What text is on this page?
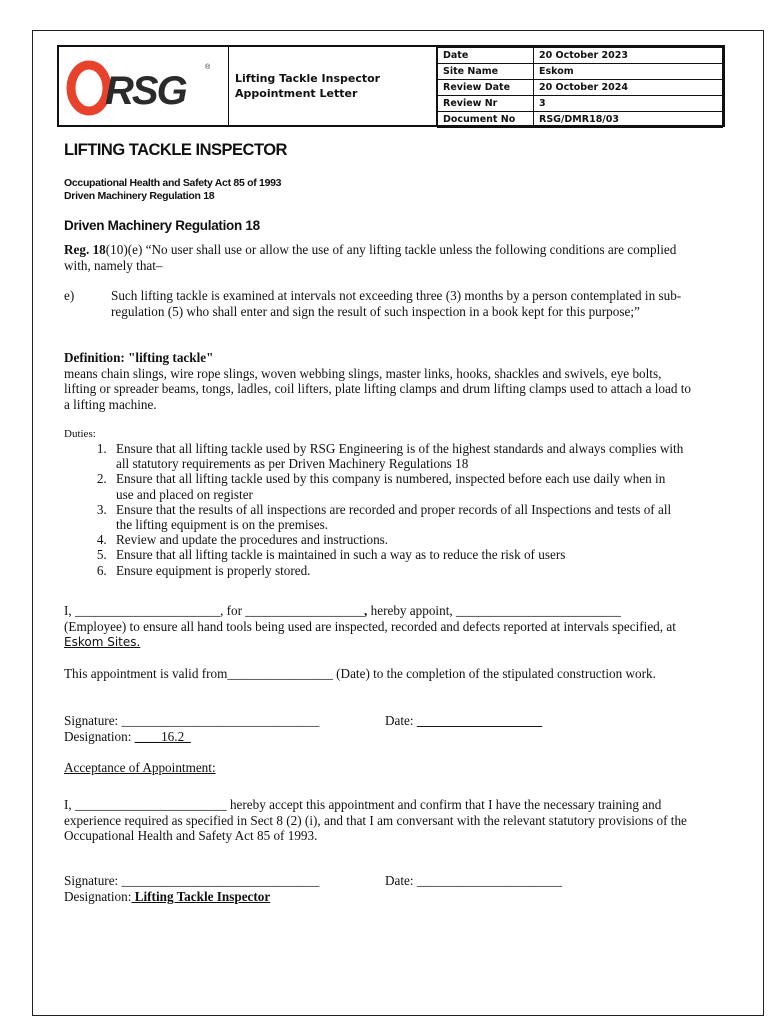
RSG
®
Lifting Tackle Inspector
Appointment Letter
Date	20 October 2023
Site Name	Eskom
Review Date	20 October 2024
Review Nr	3
Document No	RSG/DMR18/03
LIFTING TACKLE INSPECTOR
Occupational Health and Safety Act 85 of 1993
Driven Machinery Regulation 18
Driven Machinery Regulation 18
Reg. 18(10)(e) “No user shall use or allow the use of any lifting tackle unless the following conditions are complied with, namely that–
e)	Such lifting tackle is examined at intervals not exceeding three (3) months by a person contemplated in sub-regulation (5) who shall enter and sign the result of such inspection in a book kept for this purpose;”
Definition: "lifting tackle"
means chain slings, wire rope slings, woven webbing slings, master links, hooks, shackles and swivels, eye bolts, lifting or spreader beams, tongs, ladles, coil lifters, plate lifting clamps and drum lifting clamps used to attach a load to a lifting machine.
Duties:
1. Ensure that all lifting tackle used by RSG Engineering is of the highest standards and always complies with all statutory requirements as per Driven Machinery Regulations 18
2. Ensure that all lifting tackle used by this company is numbered, inspected before each use daily when in use and placed on register
3. Ensure that the results of all inspections are recorded and proper records of all Inspections and tests of all the lifting equipment is on the premises.
4. Review and update the procedures and instructions.
5. Ensure that all lifting tackle is maintained in such a way as to reduce the risk of users
6. Ensure equipment is properly stored.
I, ______________________, for __________________, hereby appoint, _________________________
(Employee) to ensure all hand tools being used are inspected, recorded and defects reported at intervals specified, at Eskom Sites.
This appointment is valid from________________ (Date) to the completion of the stipulated construction work.
Signature: ______________________________	Date: ___________________
Designation: ____16.2_
Acceptance of Appointment:
I, _______________________ hereby accept this appointment and confirm that I have the necessary training and experience required as specified in Sect 8 (2) (i), and that I am conversant with the relevant statutory provisions of the Occupational Health and Safety Act 85 of 1993.
Signature: ______________________________	Date: ______________________
Designation: Lifting Tackle Inspector
